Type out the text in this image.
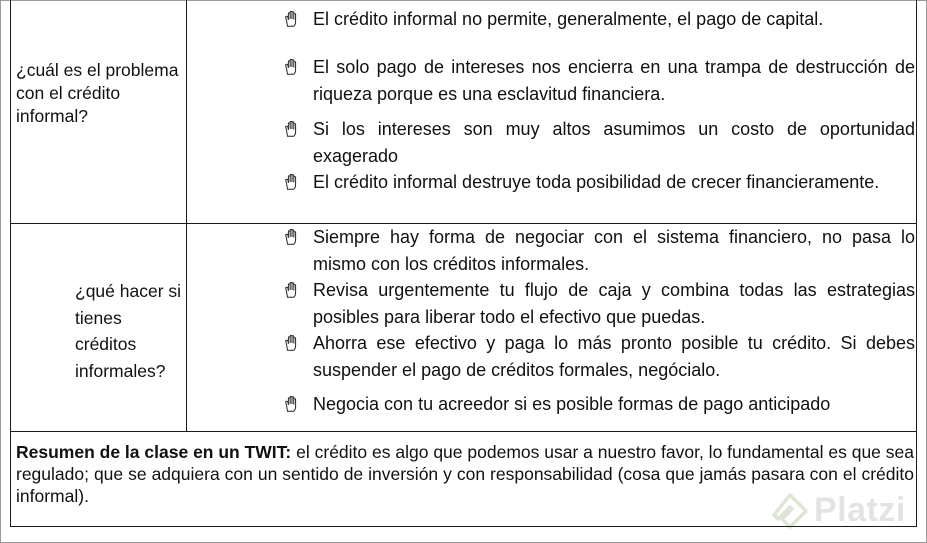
¿cuál es el problema con el crédito informal?
El crédito informal no permite, generalmente, el pago de capital.
El solo pago de intereses nos encierra en una trampa de destrucción de riqueza porque es una esclavitud financiera.
Si los intereses son muy altos asumimos un costo de oportunidad exagerado
El crédito informal destruye toda posibilidad de crecer financieramente.
¿qué hacer si tienes créditos informales?
Siempre hay forma de negociar con el sistema financiero, no pasa lo mismo con los créditos informales.
Revisa urgentemente tu flujo de caja y combina todas las estrategias posibles para liberar todo el efectivo que puedas.
Ahorra ese efectivo y paga lo más pronto posible tu crédito. Si debes suspender el pago de créditos formales, negócialo.
Negocia con tu acreedor si es posible formas de pago anticipado
Resumen de la clase en un TWIT: el crédito es algo que podemos usar a nuestro favor, lo fundamental es que sea regulado; que se adquiera con un sentido de inversión y con responsabilidad (cosa que jamás pasara con el crédito informal).	Platzi
